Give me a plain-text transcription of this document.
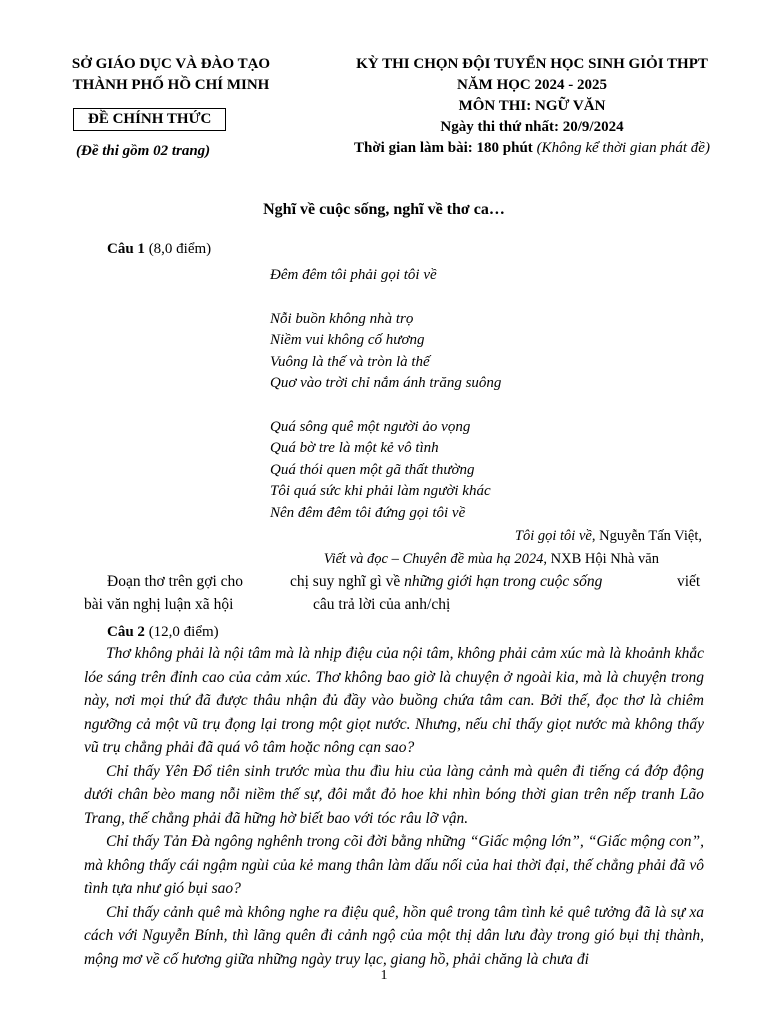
SỞ GIÁO DỤC VÀ ĐÀO TẠO
THÀNH PHỐ HỒ CHÍ MINH
ĐỀ CHÍNH THỨC
(Đề thi gồm 02 trang)
KỲ THI CHỌN ĐỘI TUYỂN HỌC SINH GIỎI THPT
NĂM HỌC 2024 - 2025
MÔN THI: NGỮ VĂN
Ngày thi thứ nhất: 20/9/2024
Thời gian làm bài: 180 phút (Không kể thời gian phát đề)
Nghĩ về cuộc sống, nghĩ về thơ ca…
Câu 1 (8,0 điểm)
Đêm đêm tôi phải gọi tôi về
Nỗi buồn không nhà trọ
Niềm vui không cố hương
Vuông là thế và tròn là thế
Quơ vào trời chỉ nắm ánh trăng suông
Quá sông quê một người ảo vọng
Quá bờ tre là một kẻ vô tình
Quá thói quen một gã thất thường
Tôi quá sức khi phải làm người khác
Nên đêm đêm tôi đứng gọi tôi về
Tôi gọi tôi về, Nguyễn Tấn Việt,
Viết và đọc – Chuyên đề mùa hạ 2024, NXB Hội Nhà văn
Đoạn thơ trên gợi cho	chị suy nghĩ gì về những giới hạn trong cuộc sống	viết
bài văn nghị luận xã hội	câu trả lời của anh/chị
Câu 2 (12,0 điểm)

Thơ không phải là nội tâm mà là nhịp điệu của nội tâm, không phải cảm xúc mà là khoảnh khắc lóe sáng trên đỉnh cao của cảm xúc. Thơ không bao giờ là chuyện ở ngoài kia, mà là chuyện trong này, nơi mọi thứ đã được thâu nhận đủ đầy vào buồng chứa tâm can. Bởi thế, đọc thơ là chiêm ngưỡng cả một vũ trụ đọng lại trong một giọt nước. Nhưng, nếu chỉ thấy giọt nước mà không thấy vũ trụ chẳng phải đã quá vô tâm hoặc nông cạn sao?

Chỉ thấy Yên Đổ tiên sinh trước mùa thu đìu hiu của làng cảnh mà quên đi tiếng cá đớp động dưới chân bèo mang nỗi niềm thế sự, đôi mắt đỏ hoe khi nhìn bóng thời gian trên nếp tranh Lão Trang, thế chẳng phải đã hững hờ biết bao với tóc râu lỡ vận.

Chỉ thấy Tản Đà ngông nghênh trong cõi đời bằng những “Giấc mộng lớn”, “Giấc mộng con”, mà không thấy cái ngậm ngùi của kẻ mang thân làm dấu nối của hai thời đại, thế chẳng phải đã vô tình tựa như gió bụi sao?

Chỉ thấy cảnh quê mà không nghe ra điệu quê, hồn quê trong tâm tình kẻ quê tưởng đã là sự xa cách với Nguyễn Bính, thì lãng quên đi cảnh ngộ của một thị dân lưu đày trong gió bụi thị thành, mộng mơ về cố hương giữa những ngày truy lạc, giang hồ, phải chăng là chưa đi

1
